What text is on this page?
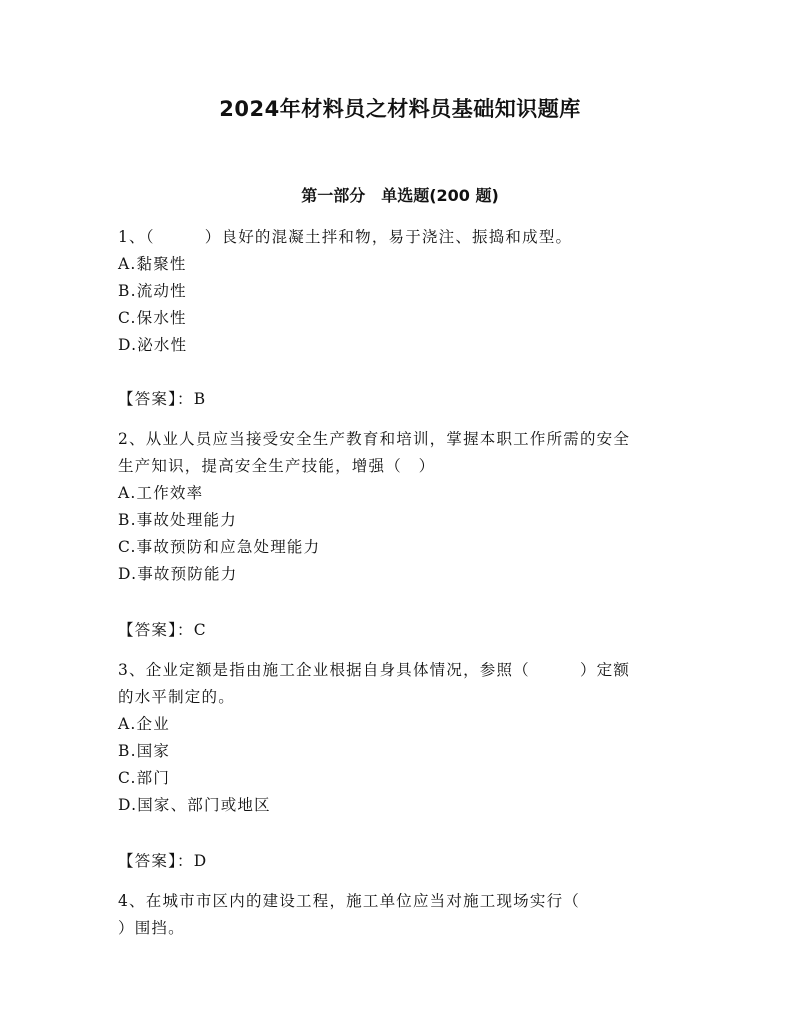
2024年材料员之材料员基础知识题库
第一部分　单选题(200 题)
1、（　　　）良好的混凝土拌和物，易于浇注、振捣和成型。
A.黏聚性
B.流动性
C.保水性
D.泌水性
【答案】：B
2、从业人员应当接受安全生产教育和培训，掌握本职工作所需的安全
生产知识，提高安全生产技能，增强（　）
A.工作效率
B.事故处理能力
C.事故预防和应急处理能力
D.事故预防能力
【答案】：C
3、企业定额是指由施工企业根据自身具体情况，参照（　　　）定额
的水平制定的。
A.企业
B.国家
C.部门
D.国家、部门或地区
【答案】：D
4、在城市市区内的建设工程，施工单位应当对施工现场实行（
）围挡。
